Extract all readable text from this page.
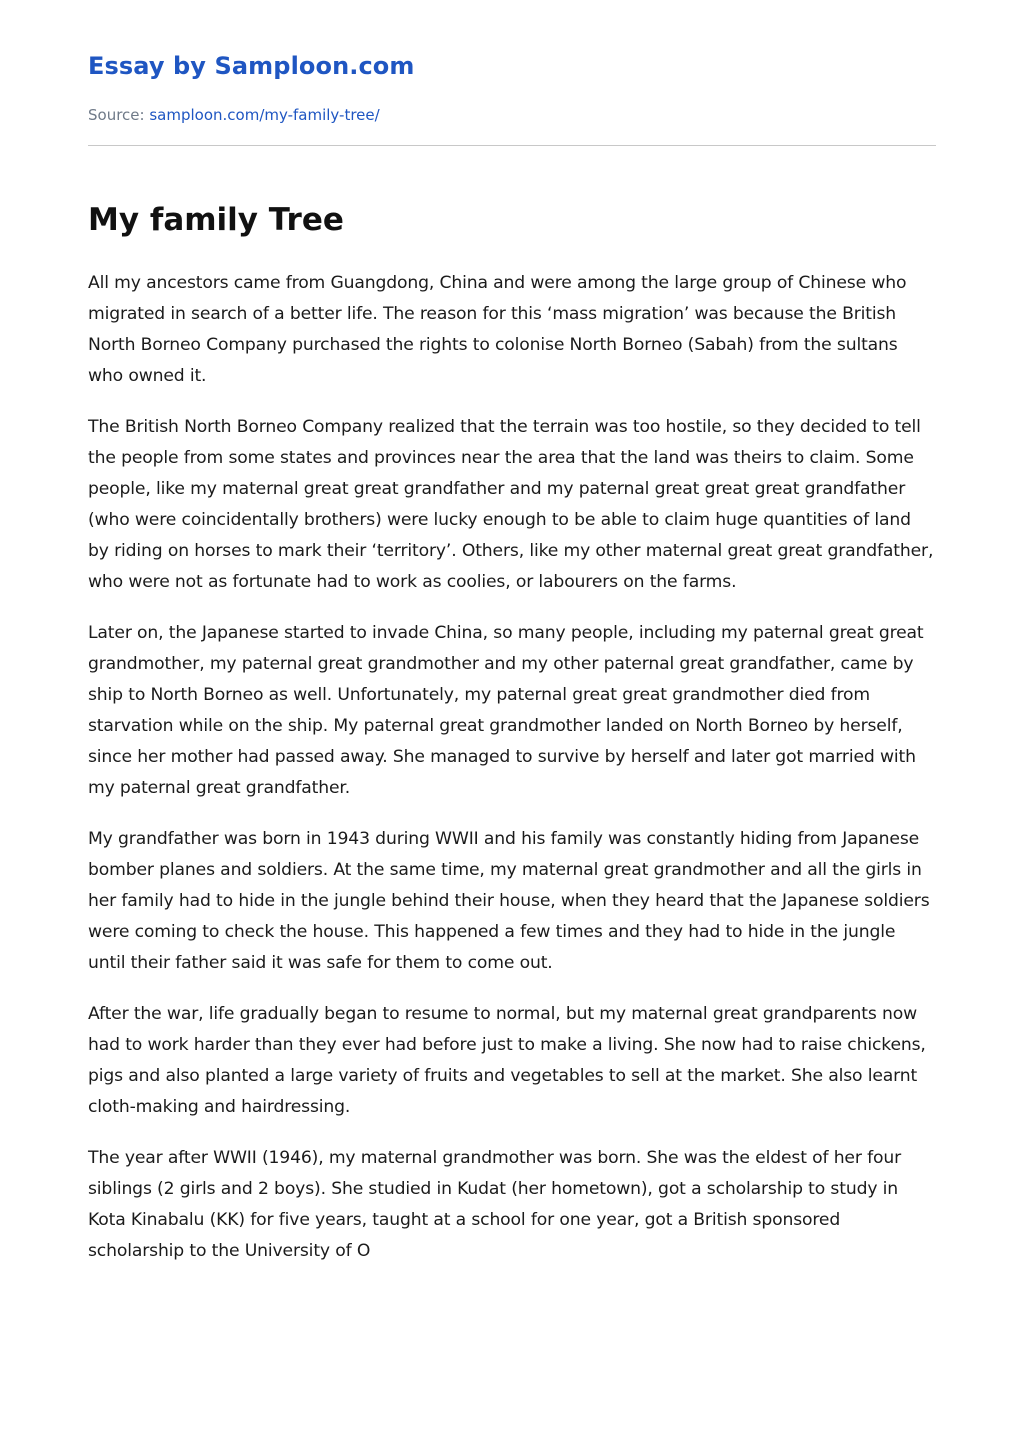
Essay by Samploon.com
Source: samploon.com/my-family-tree/
My family Tree

All my ancestors came from Guangdong, China and were among the large group of Chinese who migrated in search of a better life. The reason for this ‘mass migration’ was because the British North Borneo Company purchased the rights to colonise North Borneo (Sabah) from the sultans who owned it.

The British North Borneo Company realized that the terrain was too hostile, so they decided to tell the people from some states and provinces near the area that the land was theirs to claim. Some people, like my maternal great great grandfather and my paternal great great great grandfather (who were coincidentally brothers) were lucky enough to be able to claim huge quantities of land by riding on horses to mark their ‘territory’. Others, like my other maternal great great grandfather, who were not as fortunate had to work as coolies, or labourers on the farms.

Later on, the Japanese started to invade China, so many people, including my paternal great great grandmother, my paternal great grandmother and my other paternal great grandfather, came by ship to North Borneo as well. Unfortunately, my paternal great great grandmother died from starvation while on the ship. My paternal great grandmother landed on North Borneo by herself, since her mother had passed away. She managed to survive by herself and later got married with my paternal great grandfather.

My grandfather was born in 1943 during WWII and his family was constantly hiding from Japanese bomber planes and soldiers. At the same time, my maternal great grandmother and all the girls in her family had to hide in the jungle behind their house, when they heard that the Japanese soldiers were coming to check the house. This happened a few times and they had to hide in the jungle until their father said it was safe for them to come out.

After the war, life gradually began to resume to normal, but my maternal great grandparents now had to work harder than they ever had before just to make a living. She now had to raise chickens, pigs and also planted a large variety of fruits and vegetables to sell at the market. She also learnt cloth-making and hairdressing.

The year after WWII (1946), my maternal grandmother was born. She was the eldest of her four siblings (2 girls and 2 boys). She studied in Kudat (her hometown), got a scholarship to study in Kota Kinabalu (KK) for five years, taught at a school for one year, got a British sponsored scholarship to the University of O
